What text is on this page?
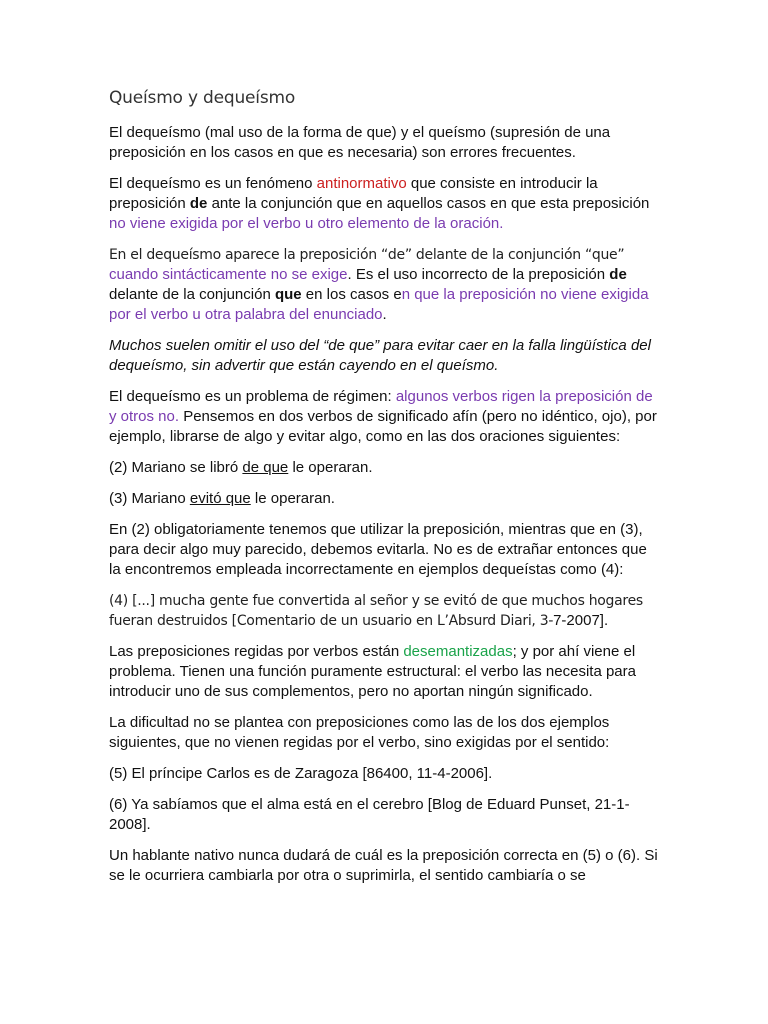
Queísmo y dequeísmo

El dequeísmo (mal uso de la forma de que) y el queísmo (supresión de una preposición en los casos en que es necesaria) son errores frecuentes.

El dequeísmo es un fenómeno antinormativo que consiste en introducir la preposición de ante la conjunción que en aquellos casos en que esta preposición no viene exigida por el verbo u otro elemento de la oración.

En el dequeísmo aparece la preposición “de” delante de la conjunción “que”
cuando sintácticamente no se exige. Es el uso incorrecto de la preposición de delante de la conjunción que en los casos en que la preposición no viene exigida por el verbo u otra palabra del enunciado.

Muchos suelen omitir el uso del “de que” para evitar caer en la falla lingüística del dequeísmo, sin advertir que están cayendo en el queísmo.

El dequeísmo es un problema de régimen: algunos verbos rigen la preposición de y otros no. Pensemos en dos verbos de significado afín (pero no idéntico, ojo), por ejemplo, librarse de algo y evitar algo, como en las dos oraciones siguientes:

(2) Mariano se libró de que le operaran.

(3) Mariano evitó que le operaran.

En (2) obligatoriamente tenemos que utilizar la preposición, mientras que en (3), para decir algo muy parecido, debemos evitarla. No es de extrañar entonces que la encontremos empleada incorrectamente en ejemplos dequeístas como (4):

(4) [...] mucha gente fue convertida al señor y se evitó de que muchos hogares fueran destruidos [Comentario de un usuario en L’Absurd Diari, 3-7-2007].

Las preposiciones regidas por verbos están desemantizadas; y por ahí viene el problema. Tienen una función puramente estructural: el verbo las necesita para introducir uno de sus complementos, pero no aportan ningún significado.

La dificultad no se plantea con preposiciones como las de los dos ejemplos siguientes, que no vienen regidas por el verbo, sino exigidas por el sentido:

(5) El príncipe Carlos es de Zaragoza [86400, 11-4-2006].

(6) Ya sabíamos que el alma está en el cerebro [Blog de Eduard Punset, 21-1-2008].

Un hablante nativo nunca dudará de cuál es la preposición correcta en (5) o (6). Si se le ocurriera cambiarla por otra o suprimirla, el sentido cambiaría o se
